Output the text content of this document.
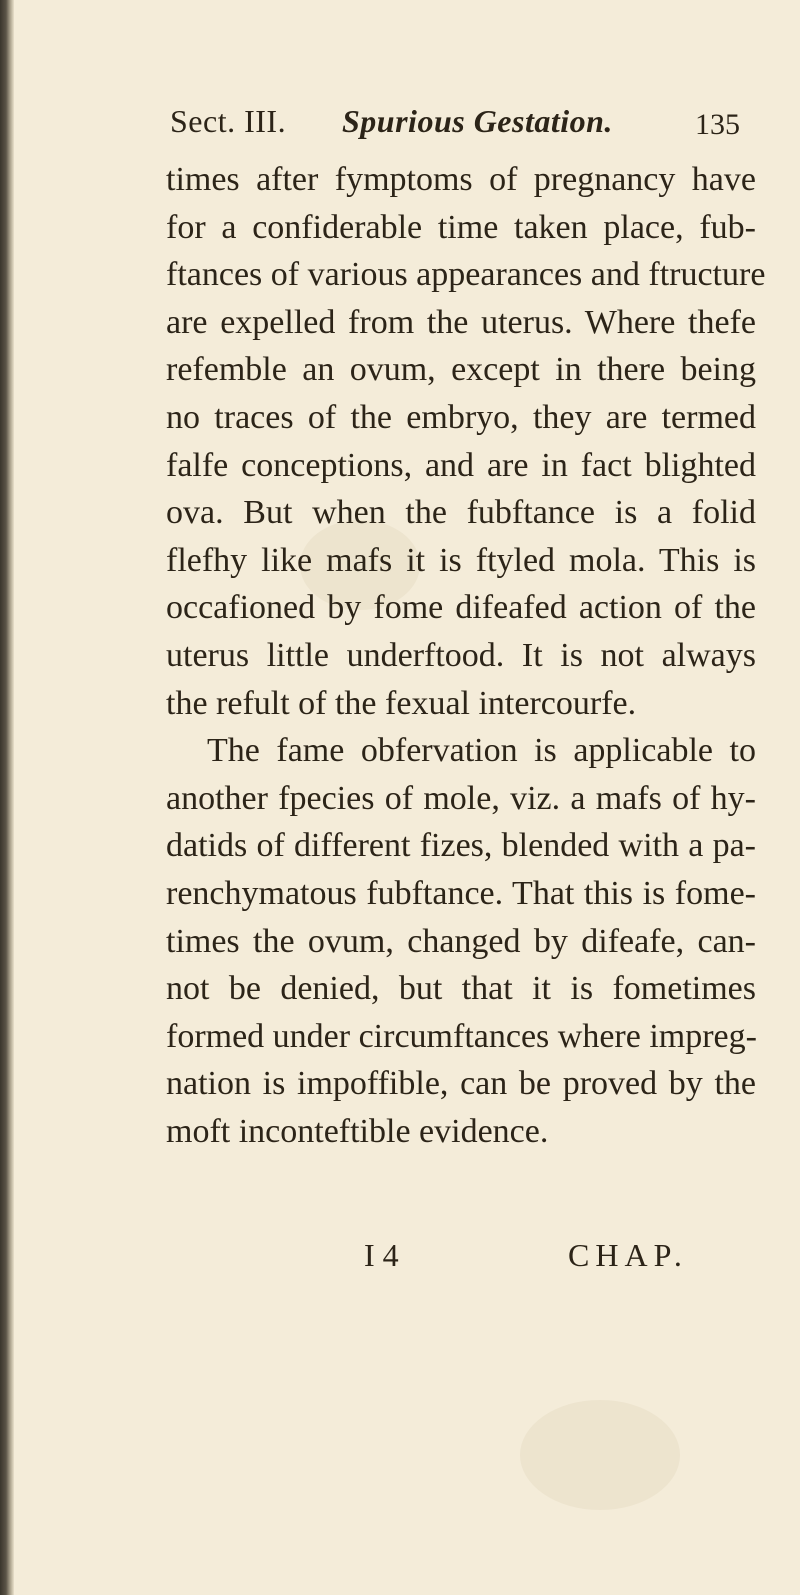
Sect. III. Spurious Gestation.	135
times after fymptoms of pregnancy have
for a confiderable time taken place, fub-
ftances of various appearances and ftructure
are expelled from the uterus. Where thefe
refemble an ovum, except in there being
no traces of the embryo, they are termed
falfe conceptions, and are in fact blighted
ova. But when the fubftance is a folid
flefhy like mafs it is ftyled mola. This is
occafioned by fome difeafed action of the
uterus little underftood. It is not always
the refult of the fexual intercourfe.
The fame obfervation is applicable to
another fpecies of mole, viz. a mafs of hy-
datids of different fizes, blended with a pa-
renchymatous fubftance. That this is fome-
times the ovum, changed by difeafe, can-
not be denied, but that it is fometimes
formed under circumftances where impreg-
nation is impoffible, can be proved by the
moft inconteftible evidence.
I 4	CHAP.
